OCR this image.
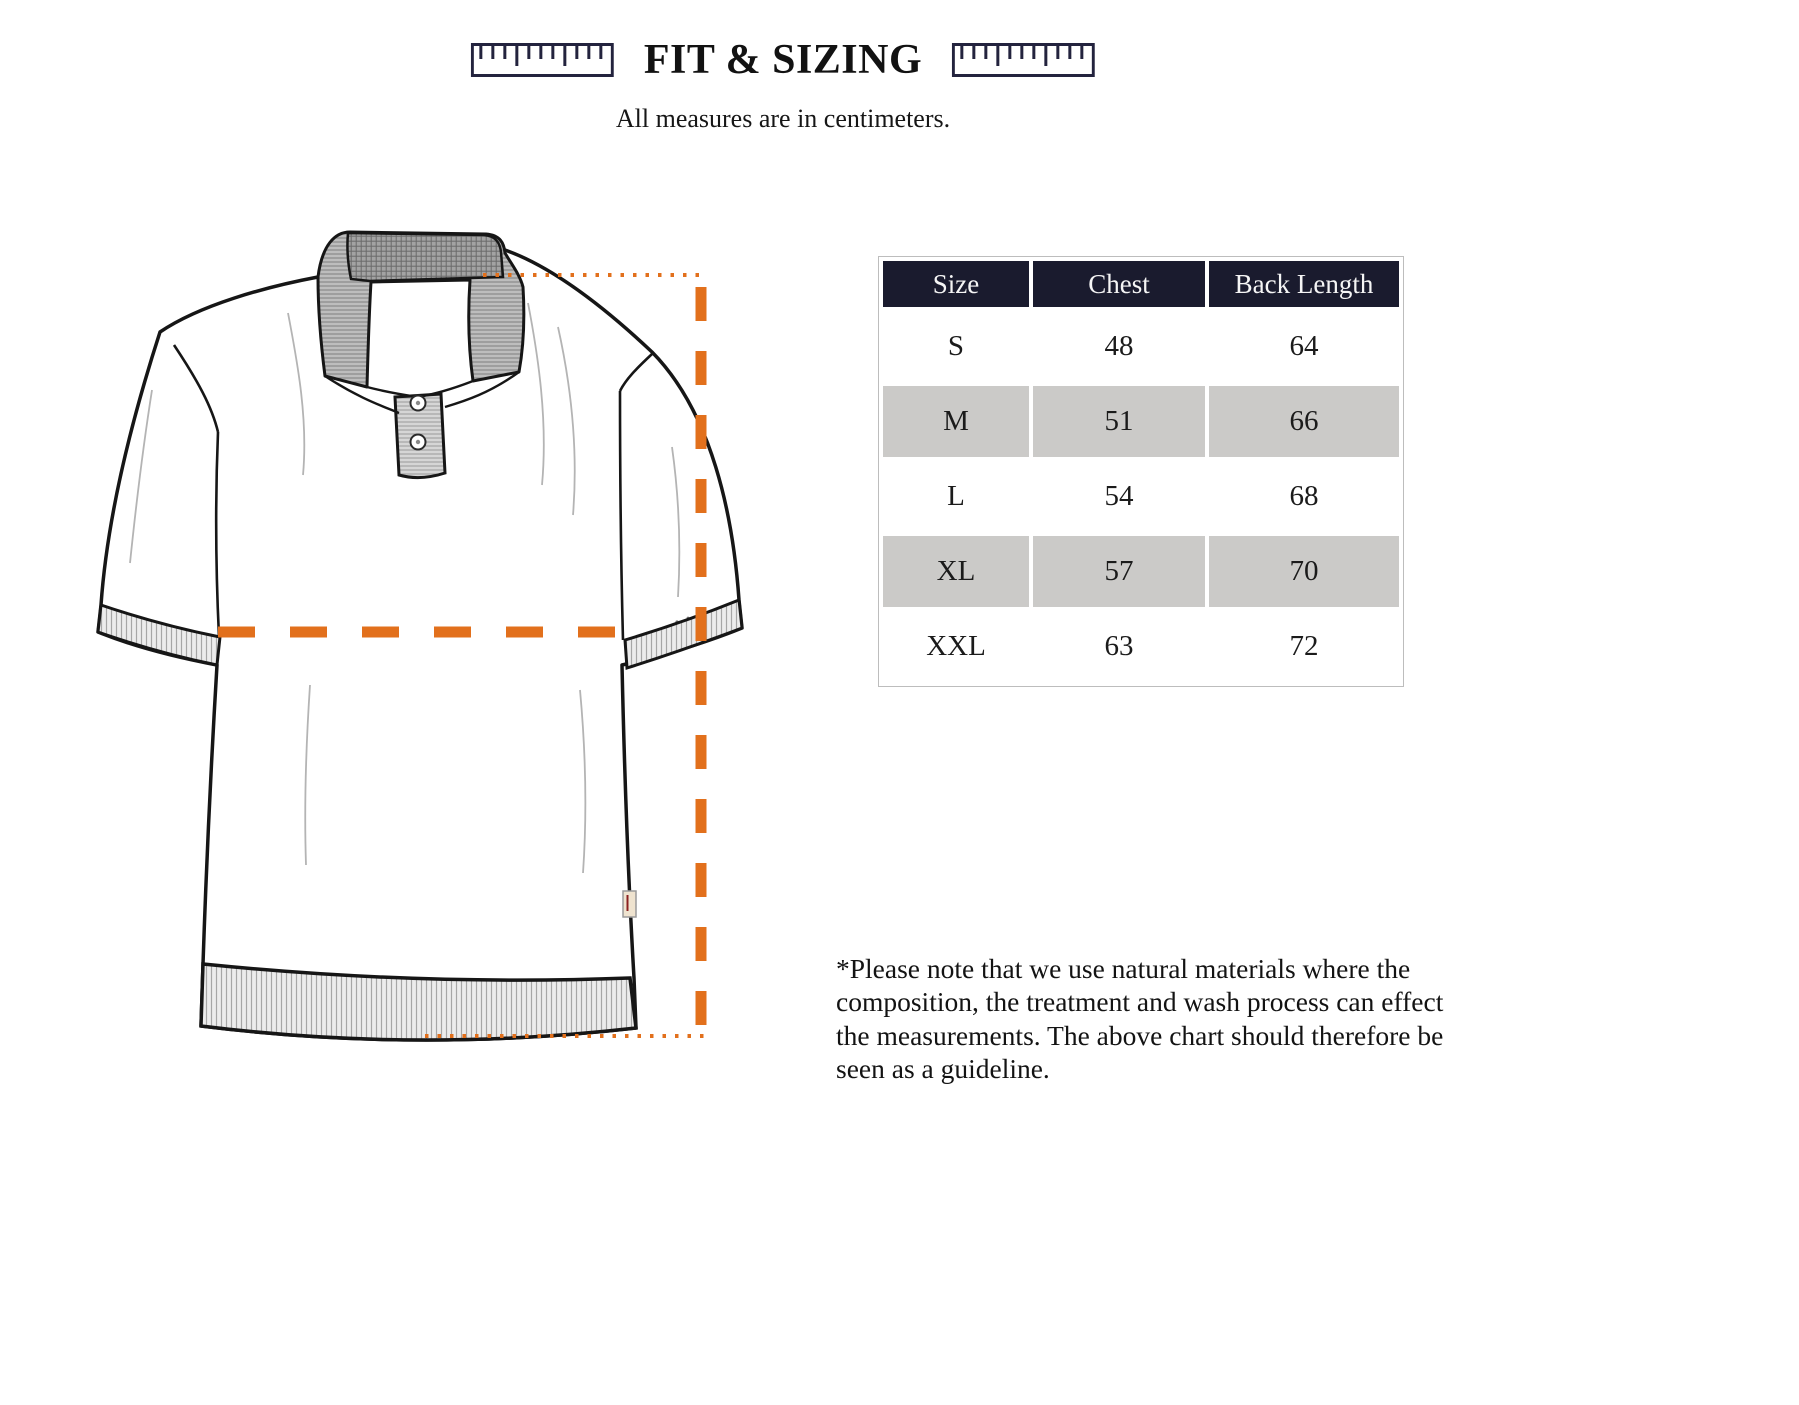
FIT & SIZING
All measures are in centimeters.
Size	Chest	Back Length
S	48	64
M	51	66
L	54	68
XL	57	70
XXL	63	72

*Please note that we use natural materials where the composition, the treatment and wash process can effect the measurements. The above chart should therefore be seen as a guideline.
